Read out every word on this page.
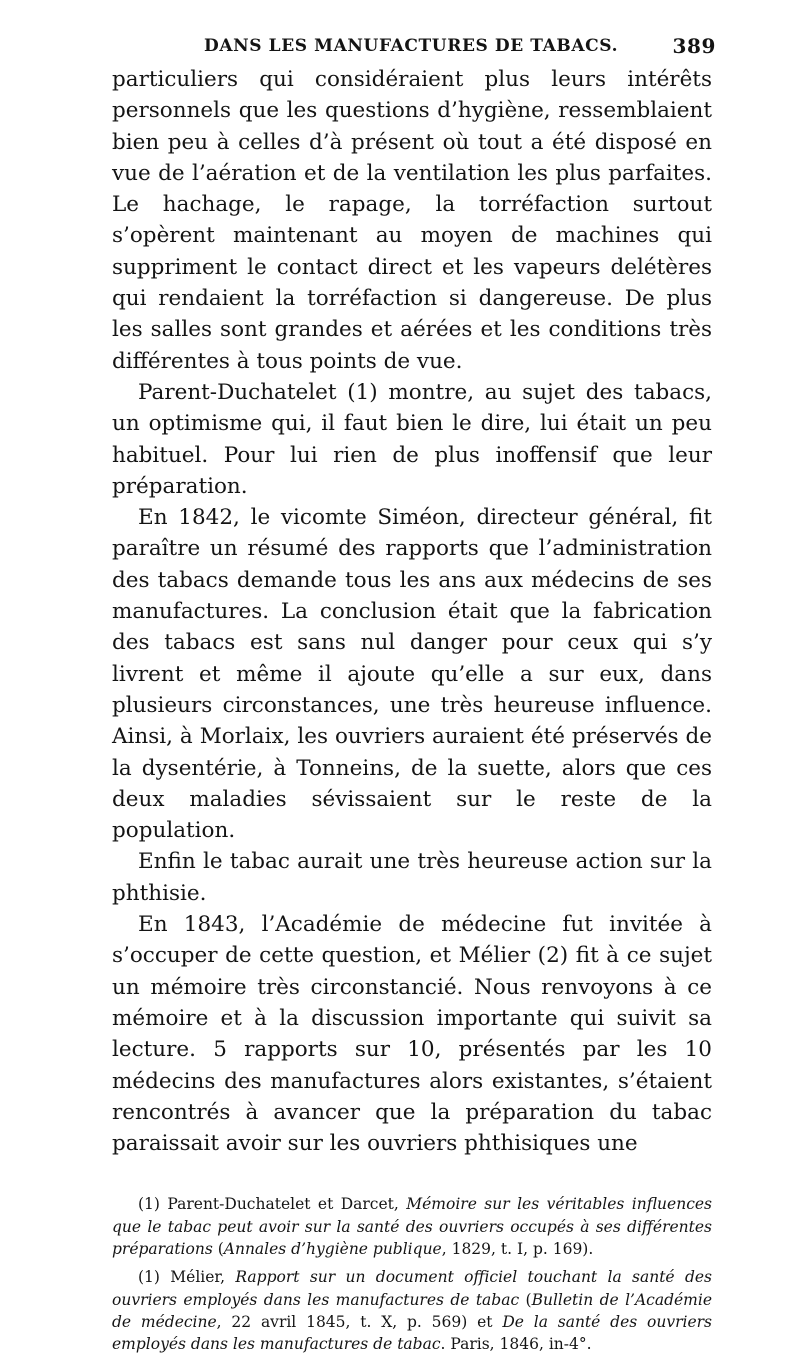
DANS LES MANUFACTURES DE TABACS.	389

particuliers qui considéraient plus leurs intérêts personnels que les questions d’hygiène, ressemblaient bien peu à celles d’à présent où tout a été disposé en vue de l’aération et de la ventilation les plus parfaites. Le hachage, le rapage, la torréfaction surtout s’opèrent maintenant au moyen de machines qui suppriment le contact direct et les vapeurs delétères qui rendaient la torréfaction si dangereuse. De plus les salles sont grandes et aérées et les conditions très différentes à tous points de vue.

Parent-Duchatelet (1) montre, au sujet des tabacs, un optimisme qui, il faut bien le dire, lui était un peu habituel. Pour lui rien de plus inoffensif que leur préparation.

En 1842, le vicomte Siméon, directeur général, fit paraître un résumé des rapports que l’administration des tabacs demande tous les ans aux médecins de ses manufactures. La conclusion était que la fabrication des tabacs est sans nul danger pour ceux qui s’y livrent et même il ajoute qu’elle a sur eux, dans plusieurs circonstances, une très heureuse influence. Ainsi, à Morlaix, les ouvriers auraient été préservés de la dysentérie, à Tonneins, de la suette, alors que ces deux maladies sévissaient sur le reste de la population.

Enfin le tabac aurait une très heureuse action sur la phthisie.

En 1843, l’Académie de médecine fut invitée à s’occuper de cette question, et Mélier (2) fit à ce sujet un mémoire très circonstancié. Nous renvoyons à ce mémoire et à la discussion importante qui suivit sa lecture. 5 rapports sur 10, présentés par les 10 médecins des manufactures alors existantes, s’étaient rencontrés à avancer que la préparation du tabac paraissait avoir sur les ouvriers phthisiques une

(1) Parent-Duchatelet et Darcet, Mémoire sur les véritables influences que le tabac peut avoir sur la santé des ouvriers occupés à ses différentes préparations (Annales d’hygiène publique, 1829, t. I, p. 169).

(1) Mélier, Rapport sur un document officiel touchant la santé des ouvriers employés dans les manufactures de tabac (Bulletin de l’Académie de médecine, 22 avril 1845, t. X, p. 569) et De la santé des ouvriers employés dans les manufactures de tabac. Paris, 1846, in-4°.
